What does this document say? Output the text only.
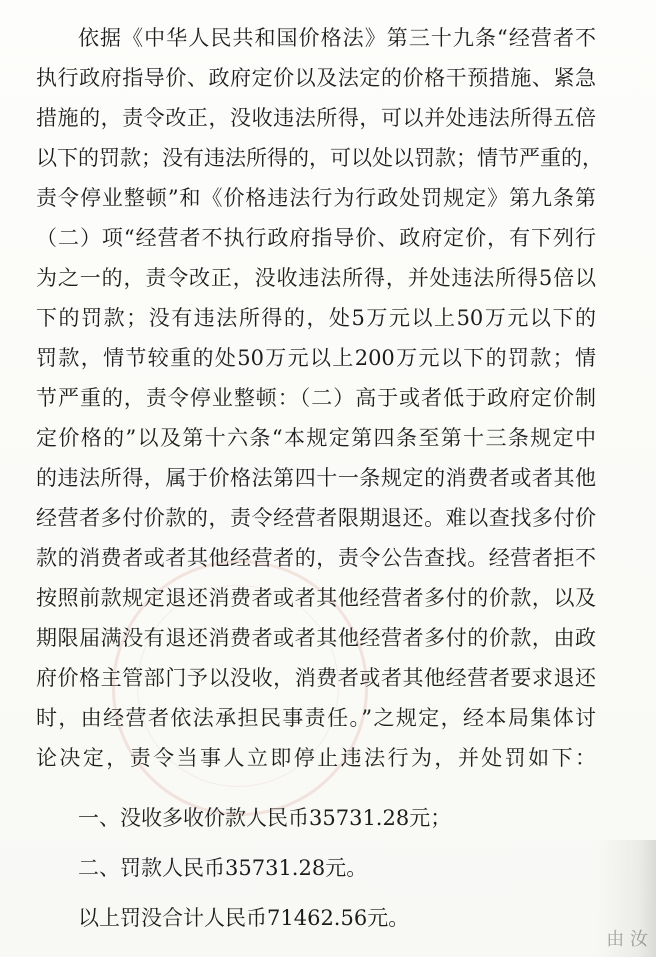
由 汝
依据《中华人民共和国价格法》第三十九条“经营者不
执行政府指导价、政府定价以及法定的价格干预措施、紧急
措施的，责令改正，没收违法所得，可以并处违法所得五倍
以下的罚款；没有违法所得的，可以处以罚款；情节严重的，
责令停业整顿”和《价格违法行为行政处罚规定》第九条第
（二）项“经营者不执行政府指导价、政府定价，有下列行
为之一的，责令改正，没收违法所得，并处违法所得5倍以
下的罚款；没有违法所得的，处5万元以上50万元以下的
罚款，情节较重的处50万元以上200万元以下的罚款；情
节严重的，责令停业整顿：（二）高于或者低于政府定价制
定价格的”以及第十六条“本规定第四条至第十三条规定中
的违法所得，属于价格法第四十一条规定的消费者或者其他
经营者多付价款的，责令经营者限期退还。难以查找多付价
款的消费者或者其他经营者的，责令公告查找。经营者拒不
按照前款规定退还消费者或者其他经营者多付的价款，以及
期限届满没有退还消费者或者其他经营者多付的价款，由政
府价格主管部门予以没收，消费者或者其他经营者要求退还
时，由经营者依法承担民事责任。”之规定，经本局集体讨
论决定，责令当事人立即停止违法行为，并处罚如下：
一、没收多收价款人民币35731.28元；
二、罚款人民币35731.28元。
以上罚没合计人民币71462.56元。
